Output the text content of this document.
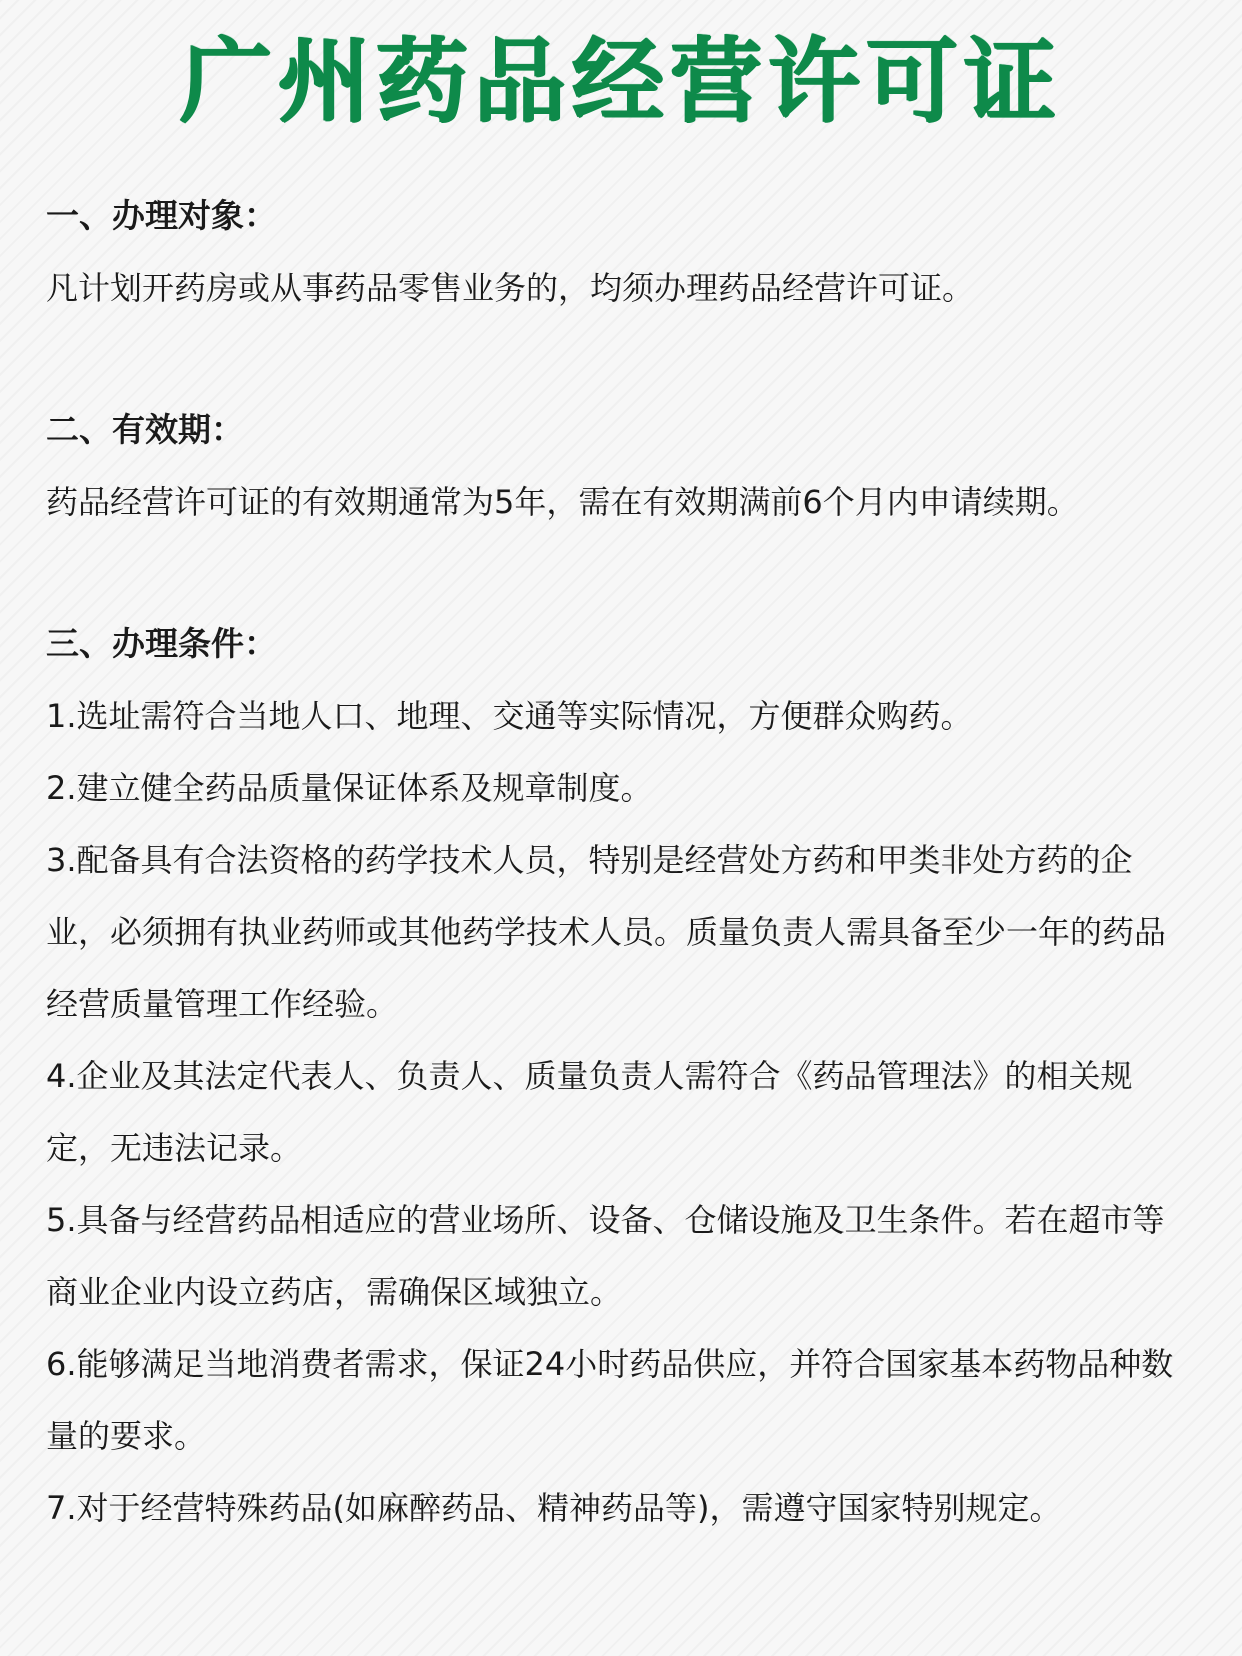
广州药品经营许可证

一、办理对象：

凡计划开药房或从事药品零售业务的，均须办理药品经营许可证。

二、有效期：

药品经营许可证的有效期通常为5年，需在有效期满前6个月内申请续期。

三、办理条件：

1.选址需符合当地人口、地理、交通等实际情况，方便群众购药。

2.建立健全药品质量保证体系及规章制度。

3.配备具有合法资格的药学技术人员，特别是经营处方药和甲类非处方药的企业，必须拥有执业药师或其他药学技术人员。质量负责人需具备至少一年的药品经营质量管理工作经验。

4.企业及其法定代表人、负责人、质量负责人需符合《药品管理法》的相关规定，无违法记录。

5.具备与经营药品相适应的营业场所、设备、仓储设施及卫生条件。若在超市等商业企业内设立药店，需确保区域独立。

6.能够满足当地消费者需求，保证24小时药品供应，并符合国家基本药物品种数量的要求。

7.对于经营特殊药品(如麻醉药品、精神药品等)，需遵守国家特别规定。
